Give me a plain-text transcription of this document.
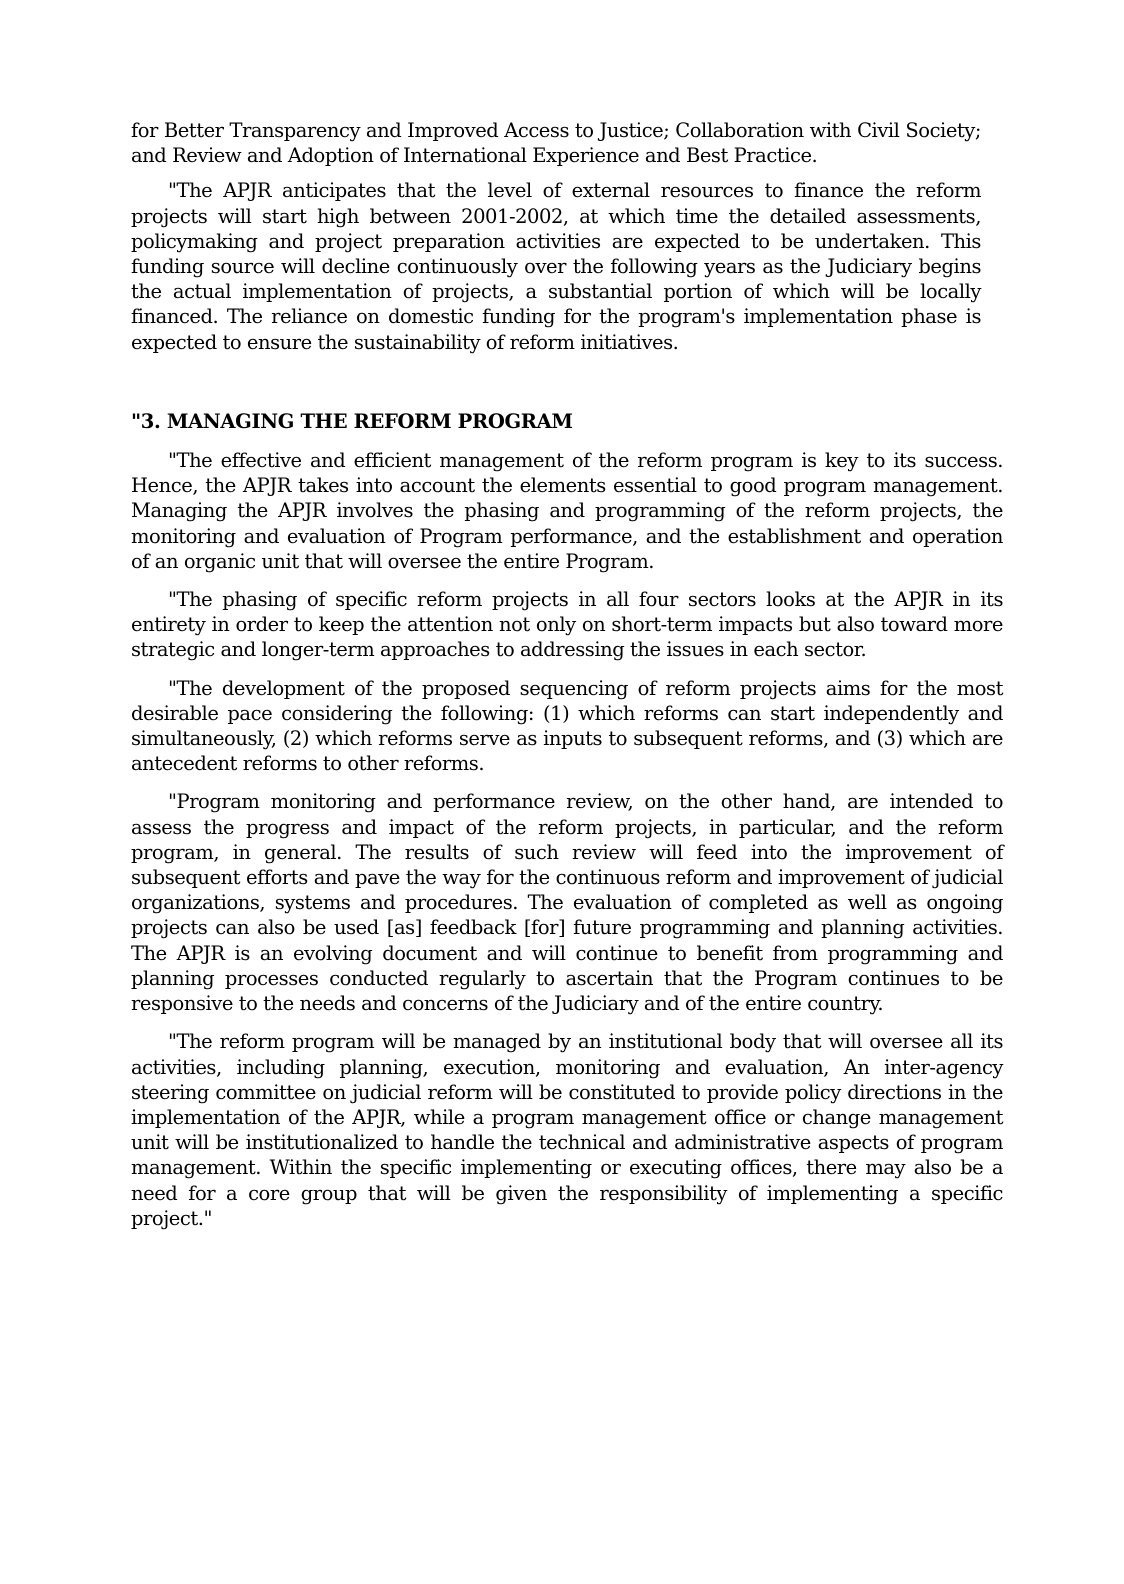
for Better Transparency and Improved Access to Justice; Collaboration with Civil Society; and Review and Adoption of International Experience and Best Practice.

"The APJR anticipates that the level of external resources to finance the reform projects will start high between 2001-2002, at which time the detailed assessments, policymaking and project preparation activities are expected to be undertaken. This funding source will decline continuously over the following years as the Judiciary begins the actual implementation of projects, a substantial portion of which will be locally financed. The reliance on domestic funding for the program's implementation phase is expected to ensure the sustainability of reform initiatives.

"3. MANAGING THE REFORM PROGRAM

"The effective and efficient management of the reform program is key to its success. Hence, the APJR takes into account the elements essential to good program management. Managing the APJR involves the phasing and programming of the reform projects, the monitoring and evaluation of Program performance, and the establishment and operation of an organic unit that will oversee the entire Program.

"The phasing of specific reform projects in all four sectors looks at the APJR in its entirety in order to keep the attention not only on short-term impacts but also toward more strategic and longer-term approaches to addressing the issues in each sector.

"The development of the proposed sequencing of reform projects aims for the most desirable pace considering the following: (1) which reforms can start independently and simultaneously, (2) which reforms serve as inputs to subsequent reforms, and (3) which are antecedent reforms to other reforms.

"Program monitoring and performance review, on the other hand, are intended to assess the progress and impact of the reform projects, in particular, and the reform program, in general. The results of such review will feed into the improvement of subsequent efforts and pave the way for the continuous reform and improvement of judicial organizations, systems and procedures. The evaluation of completed as well as ongoing projects can also be used [as] feedback [for] future programming and planning activities. The APJR is an evolving document and will continue to benefit from programming and planning processes conducted regularly to ascertain that the Program continues to be responsive to the needs and concerns of the Judiciary and of the entire country.

"The reform program will be managed by an institutional body that will oversee all its activities, including planning, execution, monitoring and evaluation, An inter-agency steering committee on judicial reform will be constituted to provide policy directions in the implementation of the APJR, while a program management office or change management unit will be institutionalized to handle the technical and administrative aspects of program management. Within the specific implementing or executing offices, there may also be a need for a core group that will be given the responsibility of implementing a specific project."
